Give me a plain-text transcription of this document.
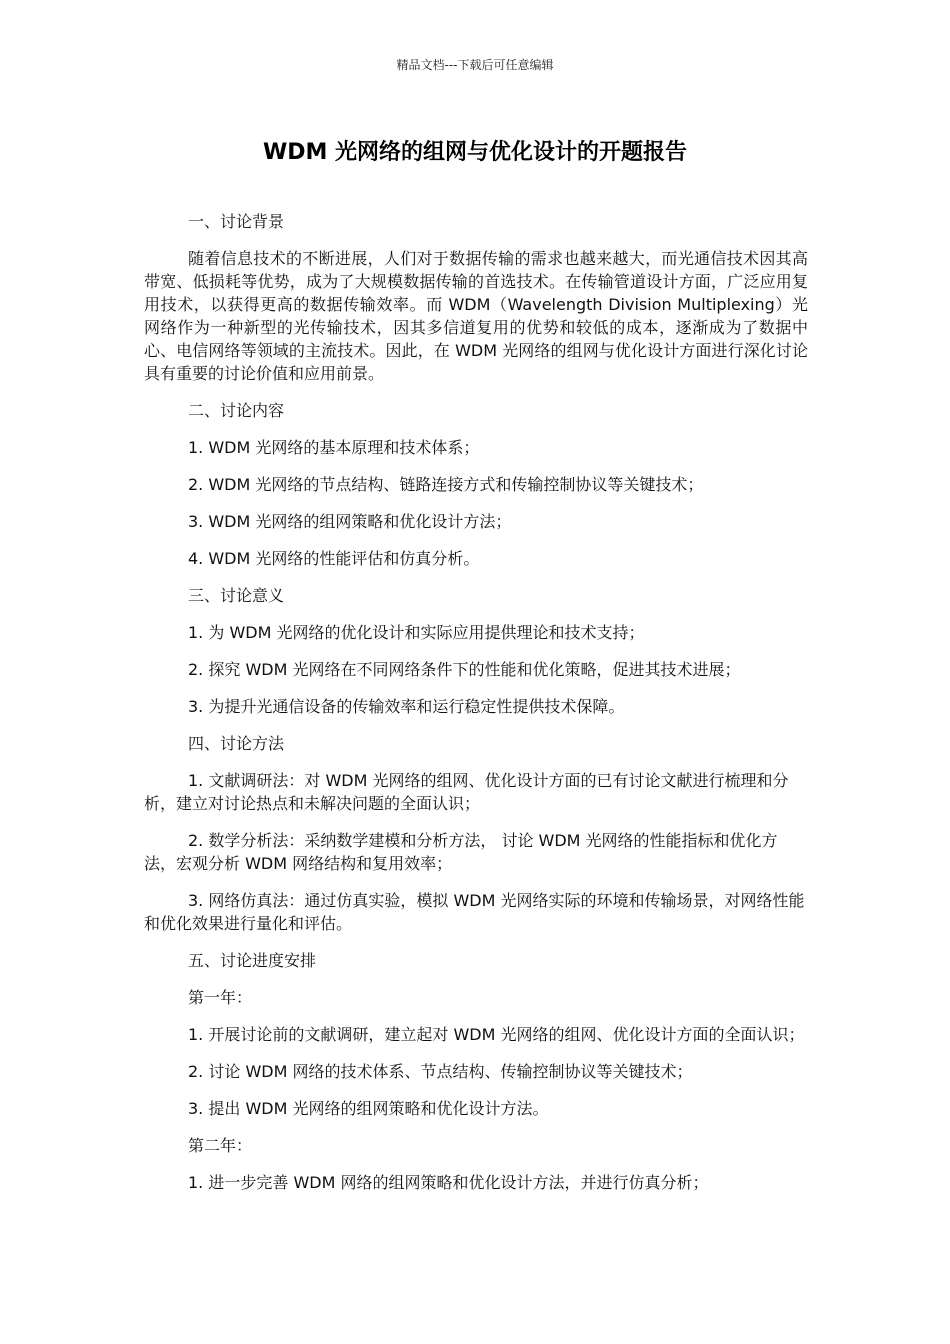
精品文档---下载后可任意编辑
WDM 光网络的组网与优化设计的开题报告

一、讨论背景

随着信息技术的不断进展，人们对于数据传输的需求也越来越大，而光通信技术因其高带宽、低损耗等优势，成为了大规模数据传输的首选技术。在传输管道设计方面，广泛应用复用技术，以获得更高的数据传输效率。而 WDM（Wavelength Division Multiplexing）光网络作为一种新型的光传输技术，因其多信道复用的优势和较低的成本，逐渐成为了数据中心、电信网络等领域的主流技术。因此，在 WDM 光网络的组网与优化设计方面进行深化讨论具有重要的讨论价值和应用前景。

二、讨论内容

1. WDM 光网络的基本原理和技术体系；

2. WDM 光网络的节点结构、链路连接方式和传输控制协议等关键技术；

3. WDM 光网络的组网策略和优化设计方法；

4. WDM 光网络的性能评估和仿真分析。

三、讨论意义

1. 为 WDM 光网络的优化设计和实际应用提供理论和技术支持；

2. 探究 WDM 光网络在不同网络条件下的性能和优化策略，促进其技术进展；

3. 为提升光通信设备的传输效率和运行稳定性提供技术保障。

四、讨论方法

1. 文献调研法：对 WDM 光网络的组网、优化设计方面的已有讨论文献进行梳理和分析，建立对讨论热点和未解决问题的全面认识；

2. 数学分析法：采纳数学建模和分析方法， 讨论 WDM 光网络的性能指标和优化方法，宏观分析 WDM 网络结构和复用效率；

3. 网络仿真法：通过仿真实验，模拟 WDM 光网络实际的环境和传输场景，对网络性能和优化效果进行量化和评估。

五、讨论进度安排

第一年：

1. 开展讨论前的文献调研，建立起对 WDM 光网络的组网、优化设计方面的全面认识；

2. 讨论 WDM 网络的技术体系、节点结构、传输控制协议等关键技术；

3. 提出 WDM 光网络的组网策略和优化设计方法。

第二年：

1. 进一步完善 WDM 网络的组网策略和优化设计方法，并进行仿真分析；
